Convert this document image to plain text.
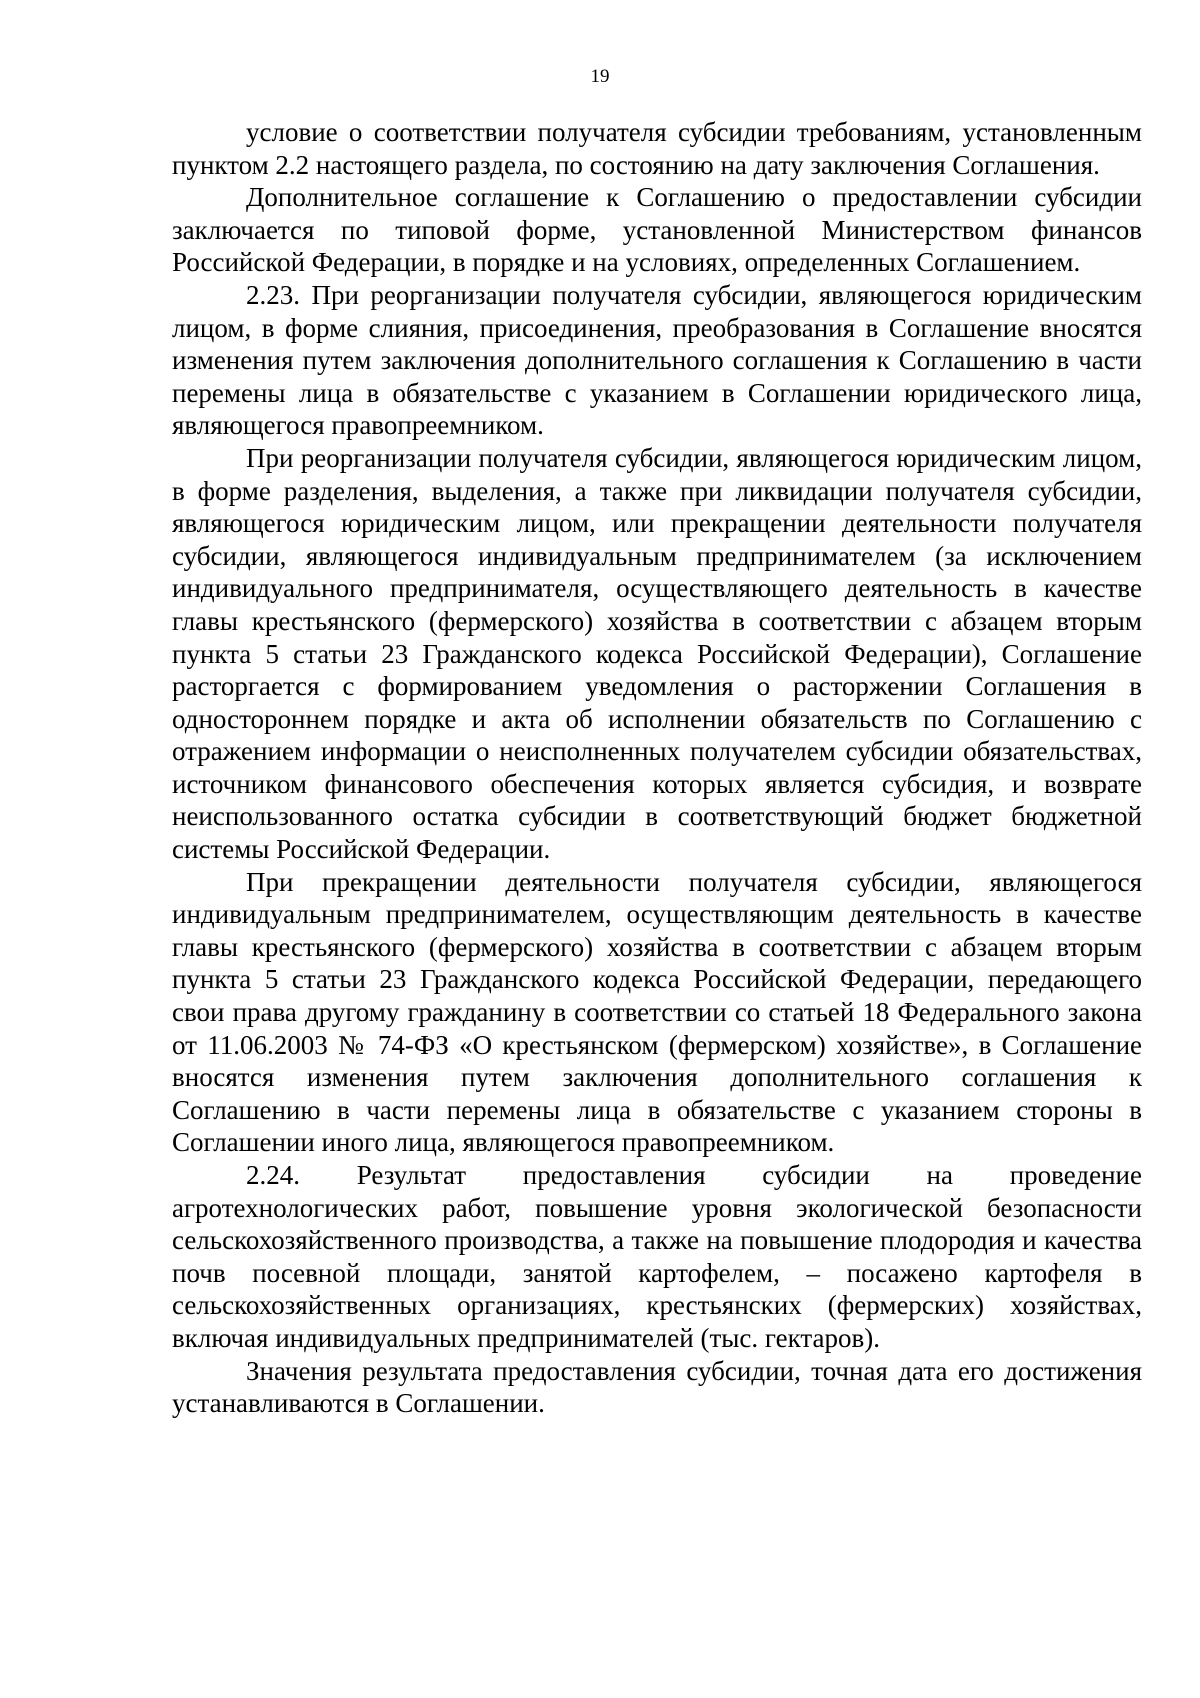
19

условие о соответствии получателя субсидии требованиям, установленным пунктом 2.2 настоящего раздела, по состоянию на дату заключения Соглашения.

Дополнительное соглашение к Соглашению о предоставлении субсидии заключается по типовой форме, установленной Министерством финансов Российской Федерации, в порядке и на условиях, определенных Соглашением.

2.23. При реорганизации получателя субсидии, являющегося юридическим лицом, в форме слияния, присоединения, преобразования в Соглашение вносятся изменения путем заключения дополнительного соглашения к Соглашению в части перемены лица в обязательстве с указанием в Соглашении юридического лица, являющегося правопреемником.

При реорганизации получателя субсидии, являющегося юридическим лицом, в форме разделения, выделения, а также при ликвидации получателя субсидии, являющегося юридическим лицом, или прекращении деятельности получателя субсидии, являющегося индивидуальным предпринимателем (за исключением индивидуального предпринимателя, осуществляющего деятельность в качестве главы крестьянского (фермерского) хозяйства в соответствии с абзацем вторым пункта 5 статьи 23 Гражданского кодекса Российской Федерации), Соглашение расторгается с формированием уведомления о расторжении Соглашения в одностороннем порядке и акта об исполнении обязательств по Соглашению с отражением информации о неисполненных получателем субсидии обязательствах, источником финансового обеспечения которых является субсидия, и возврате неиспользованного остатка субсидии в соответствующий бюджет бюджетной системы Российской Федерации.

При прекращении деятельности получателя субсидии, являющегося индивидуальным предпринимателем, осуществляющим деятельность в качестве главы крестьянского (фермерского) хозяйства в соответствии с абзацем вторым пункта 5 статьи 23 Гражданского кодекса Российской Федерации, передающего свои права другому гражданину в соответствии со статьей 18 Федерального закона от 11.06.2003 № 74-ФЗ «О крестьянском (фермерском) хозяйстве», в Соглашение вносятся изменения путем заключения дополнительного соглашения к Соглашению в части перемены лица в обязательстве с указанием стороны в Соглашении иного лица, являющегося правопреемником.

2.24. Результат предоставления субсидии на проведение агротехнологических работ, повышение уровня экологической безопасности сельскохозяйственного производства, а также на повышение плодородия и качества почв посевной площади, занятой картофелем, – посажено картофеля в сельскохозяйственных организациях, крестьянских (фермерских) хозяйствах, включая индивидуальных предпринимателей (тыс. гектаров).

Значения результата предоставления субсидии, точная дата его достижения устанавливаются в Соглашении.
